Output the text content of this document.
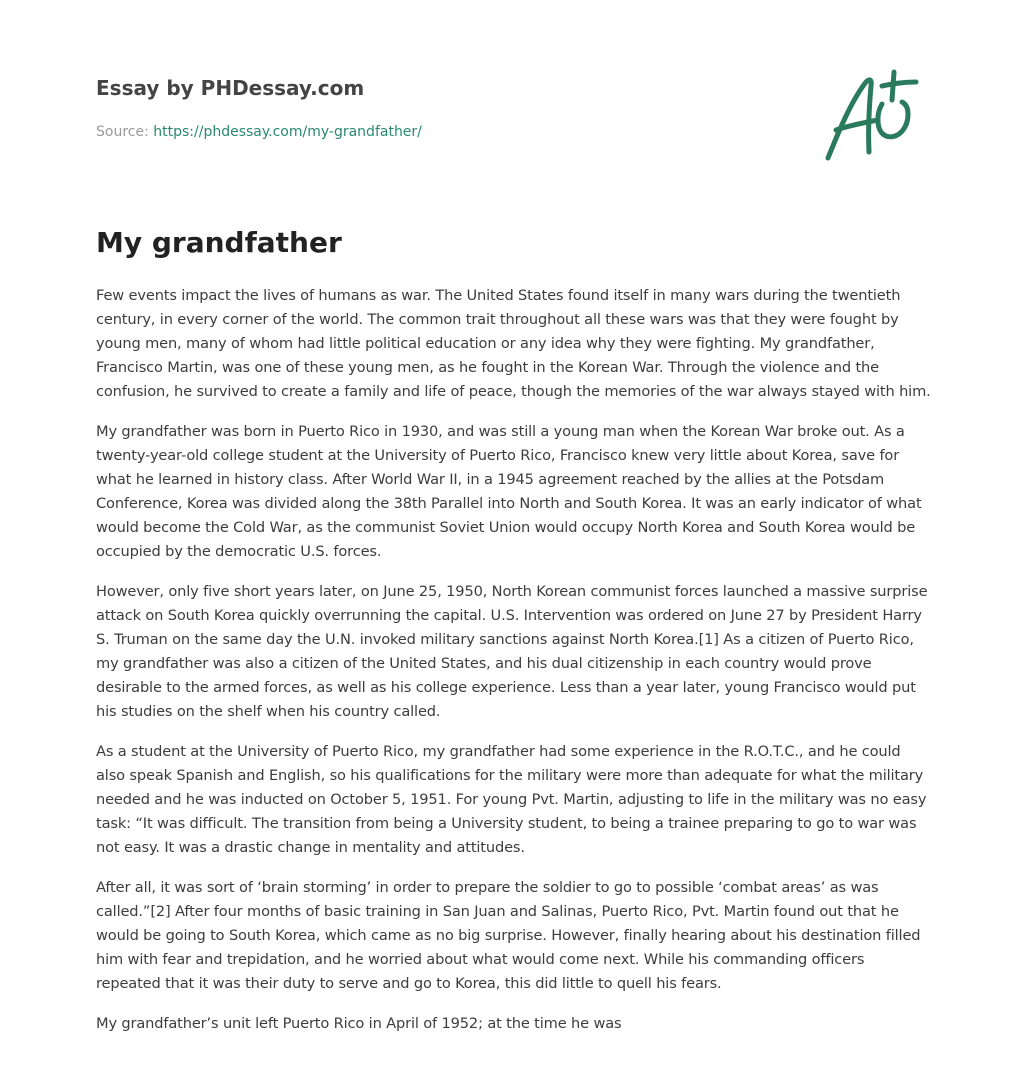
Essay by PHDessay.com
Source: https://phdessay.com/my-grandfather/
My grandfather

Few events impact the lives of humans as war. The United States found itself in many wars during the twentieth century, in every corner of the world. The common trait throughout all these wars was that they were fought by young men, many of whom had little political education or any idea why they were fighting. My grandfather, Francisco Martin, was one of these young men, as he fought in the Korean War. Through the violence and the confusion, he survived to create a family and life of peace, though the memories of the war always stayed with him.

My grandfather was born in Puerto Rico in 1930, and was still a young man when the Korean War broke out. As a twenty-year-old college student at the University of Puerto Rico, Francisco knew very little about Korea, save for what he learned in history class. After World War II, in a 1945 agreement reached by the allies at the Potsdam Conference, Korea was divided along the 38th Parallel into North and South Korea. It was an early indicator of what would become the Cold War, as the communist Soviet Union would occupy North Korea and South Korea would be occupied by the democratic U.S. forces.

However, only five short years later, on June 25, 1950, North Korean communist forces launched a massive surprise attack on South Korea quickly overrunning the capital. U.S. Intervention was ordered on June 27 by President Harry S. Truman on the same day the U.N. invoked military sanctions against North Korea.[1] As a citizen of Puerto Rico, my grandfather was also a citizen of the United States, and his dual citizenship in each country would prove desirable to the armed forces, as well as his college experience. Less than a year later, young Francisco would put his studies on the shelf when his country called.

As a student at the University of Puerto Rico, my grandfather had some experience in the R.O.T.C., and he could also speak Spanish and English, so his qualifications for the military were more than adequate for what the military needed and he was inducted on October 5, 1951. For young Pvt. Martin, adjusting to life in the military was no easy task: “It was difficult. The transition from being a University student, to being a trainee preparing to go to war was not easy. It was a drastic change in mentality and attitudes.

After all, it was sort of ‘brain storming’ in order to prepare the soldier to go to possible ‘combat areas’ as was called.”[2] After four months of basic training in San Juan and Salinas, Puerto Rico, Pvt. Martin found out that he would be going to South Korea, which came as no big surprise. However, finally hearing about his destination filled him with fear and trepidation, and he worried about what would come next. While his commanding officers repeated that it was their duty to serve and go to Korea, this did little to quell his fears.

My grandfather’s unit left Puerto Rico in April of 1952; at the time he was
